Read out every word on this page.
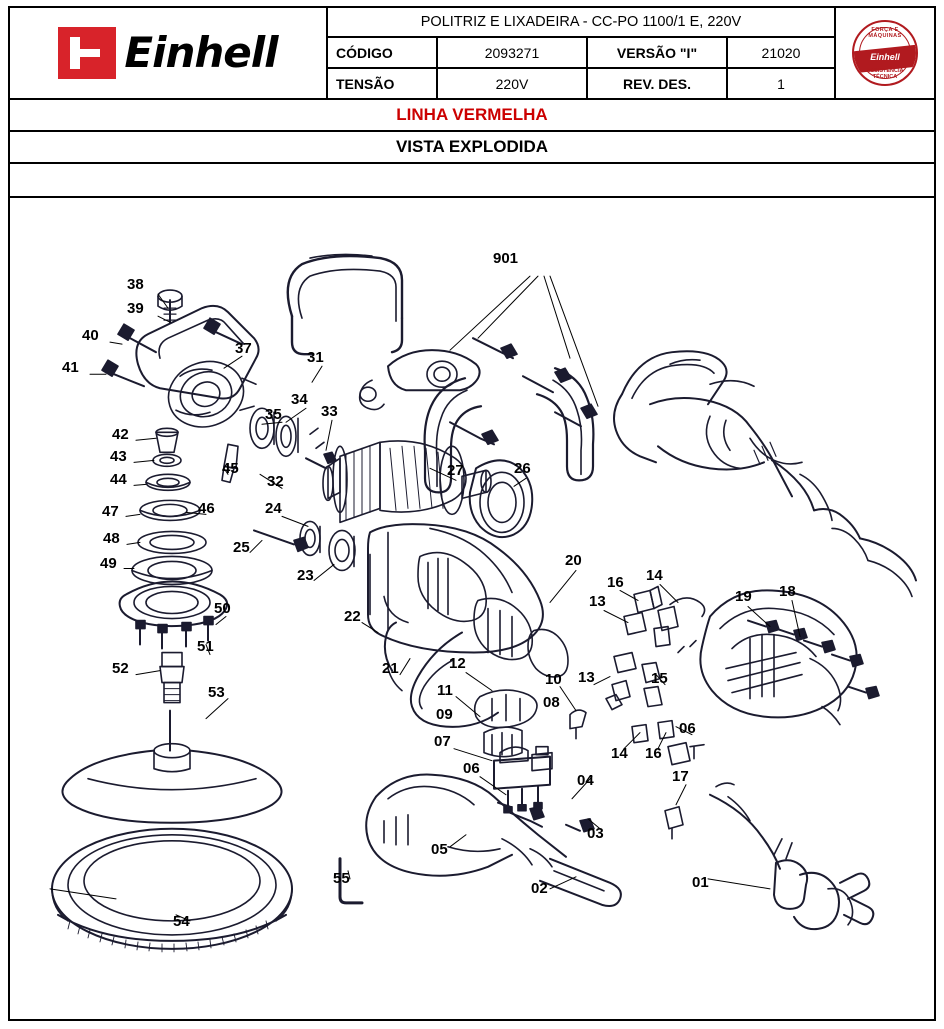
Einhell
POLITRIZ E LIXADEIRA - CC-PO 1100/1 E, 220V
CÓDIGO	2093271	VERSÃO "I"	21020
TENSÃO	220V	REV. DES.	1
FORÇA E MÁQUINAS
Einhell
ASSISTÊNCIA TÉCNICA
LINHA VERMELHA
VISTA EXPLODIDA
901
38
39
40
37
31
41
35
34
33
42
43
45
44	32
27	26
46
47	24
48
25
49
23
20
16 14
19 18
13
50	22
51
52	21	12
15
13
11
10
53
09
08
06
07
14 16
17
06
04
03
05
55
02	01
54
